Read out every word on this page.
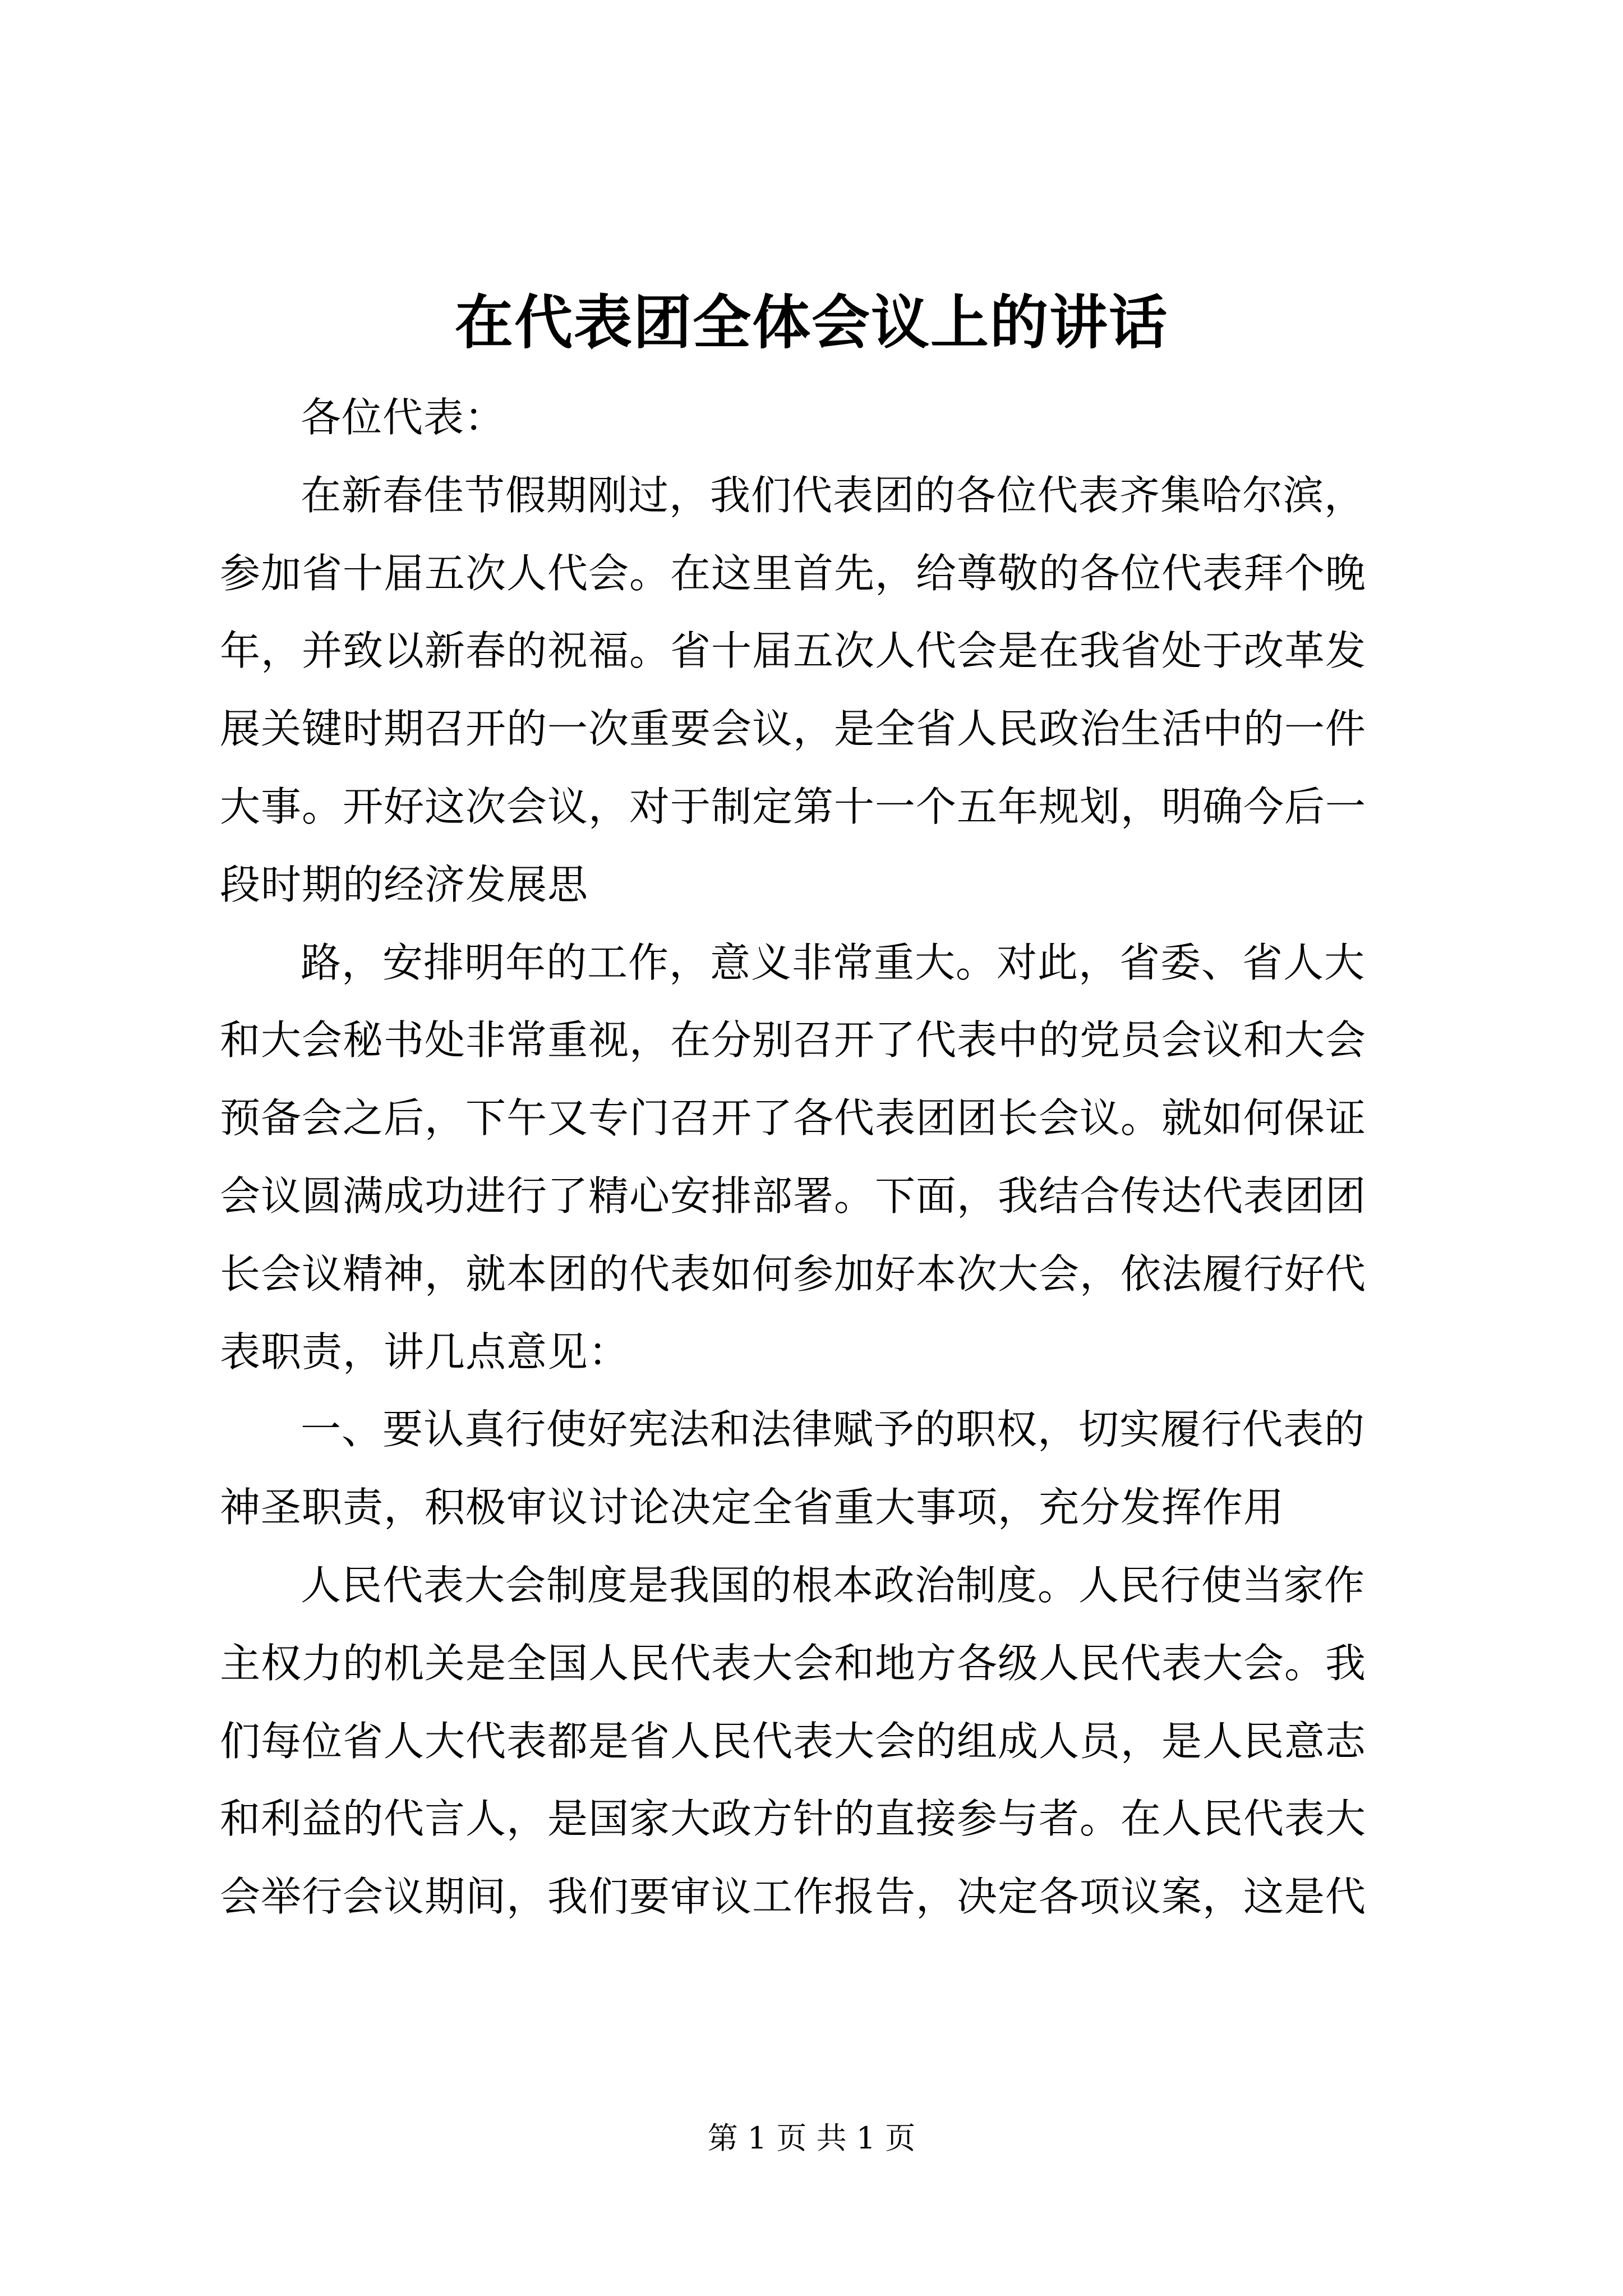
在代表团全体会议上的讲话
各位代表：
在新春佳节假期刚过，我们代表团的各位代表齐集哈尔滨，
参加省十届五次人代会。在这里首先，给尊敬的各位代表拜个晚
年，并致以新春的祝福。省十届五次人代会是在我省处于改革发
展关键时期召开的一次重要会议，是全省人民政治生活中的一件
大事。开好这次会议，对于制定第十一个五年规划，明确今后一
段时期的经济发展思
路，安排明年的工作，意义非常重大。对此，省委、省人大
和大会秘书处非常重视，在分别召开了代表中的党员会议和大会
预备会之后，下午又专门召开了各代表团团长会议。就如何保证
会议圆满成功进行了精心安排部署。下面，我结合传达代表团团
长会议精神，就本团的代表如何参加好本次大会，依法履行好代
表职责，讲几点意见：
一、要认真行使好宪法和法律赋予的职权，切实履行代表的
神圣职责，积极审议讨论决定全省重大事项，充分发挥作用
人民代表大会制度是我国的根本政治制度。人民行使当家作
主权力的机关是全国人民代表大会和地方各级人民代表大会。我
们每位省人大代表都是省人民代表大会的组成人员，是人民意志
和利益的代言人，是国家大政方针的直接参与者。在人民代表大
会举行会议期间，我们要审议工作报告，决定各项议案，这是代
第 1 页 共 1 页
